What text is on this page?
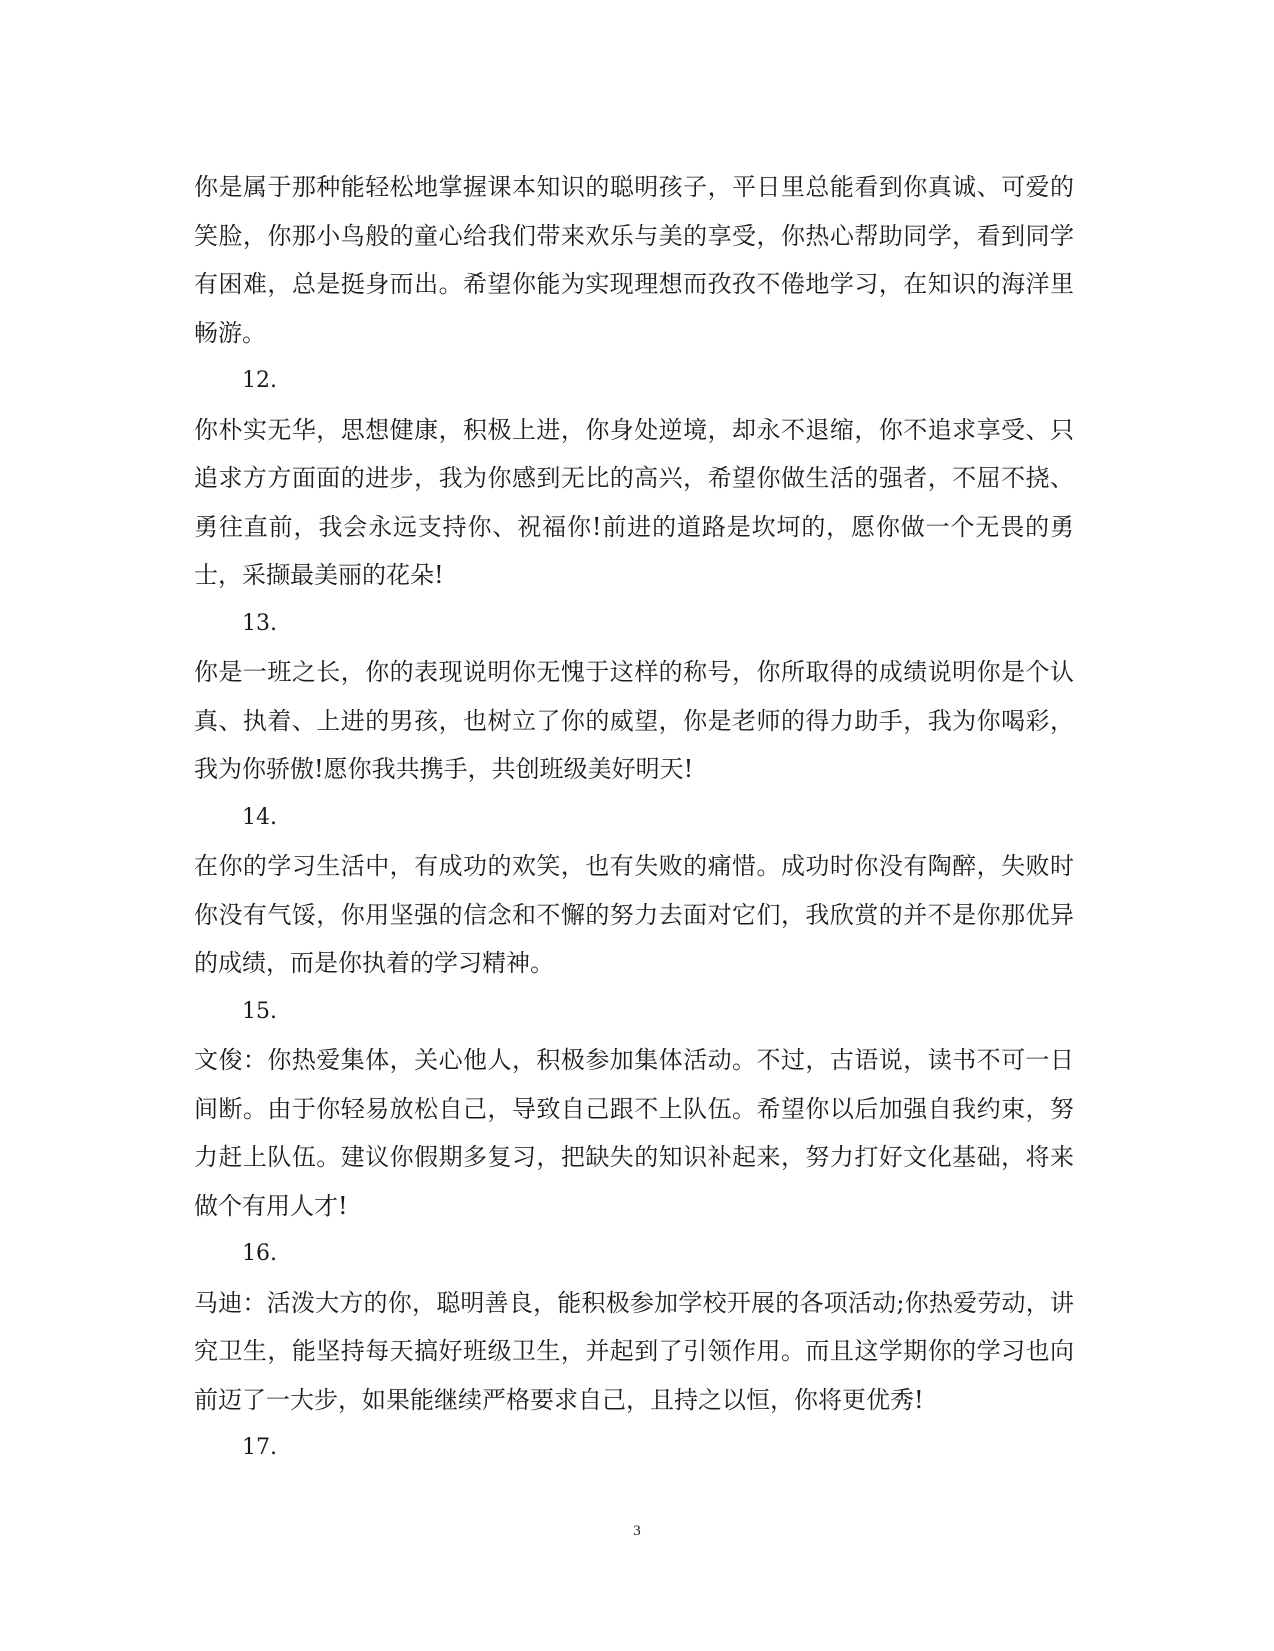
你是属于那种能轻松地掌握课本知识的聪明孩子，平日里总能看到你真诚、可爱的笑脸，你那小鸟般的童心给我们带来欢乐与美的享受，你热心帮助同学，看到同学有困难，总是挺身而出。希望你能为实现理想而孜孜不倦地学习，在知识的海洋里畅游。

12.

你朴实无华，思想健康，积极上进，你身处逆境，却永不退缩，你不追求享受、只追求方方面面的进步，我为你感到无比的高兴，希望你做生活的强者，不屈不挠、勇往直前，我会永远支持你、祝福你!前进的道路是坎坷的，愿你做一个无畏的勇士，采撷最美丽的花朵!

13.

你是一班之长，你的表现说明你无愧于这样的称号，你所取得的成绩说明你是个认真、执着、上进的男孩，也树立了你的威望，你是老师的得力助手，我为你喝彩，我为你骄傲!愿你我共携手，共创班级美好明天!

14.

在你的学习生活中，有成功的欢笑，也有失败的痛惜。成功时你没有陶醉，失败时你没有气馁，你用坚强的信念和不懈的努力去面对它们，我欣赏的并不是你那优异的成绩，而是你执着的学习精神。

15.

文俊：你热爱集体，关心他人，积极参加集体活动。不过，古语说，读书不可一日间断。由于你轻易放松自己，导致自己跟不上队伍。希望你以后加强自我约束，努力赶上队伍。建议你假期多复习，把缺失的知识补起来，努力打好文化基础，将来做个有用人才!

16.

马迪：活泼大方的你，聪明善良，能积极参加学校开展的各项活动;你热爱劳动，讲究卫生，能坚持每天搞好班级卫生，并起到了引领作用。而且这学期你的学习也向前迈了一大步，如果能继续严格要求自己，且持之以恒，你将更优秀!

17.

3
